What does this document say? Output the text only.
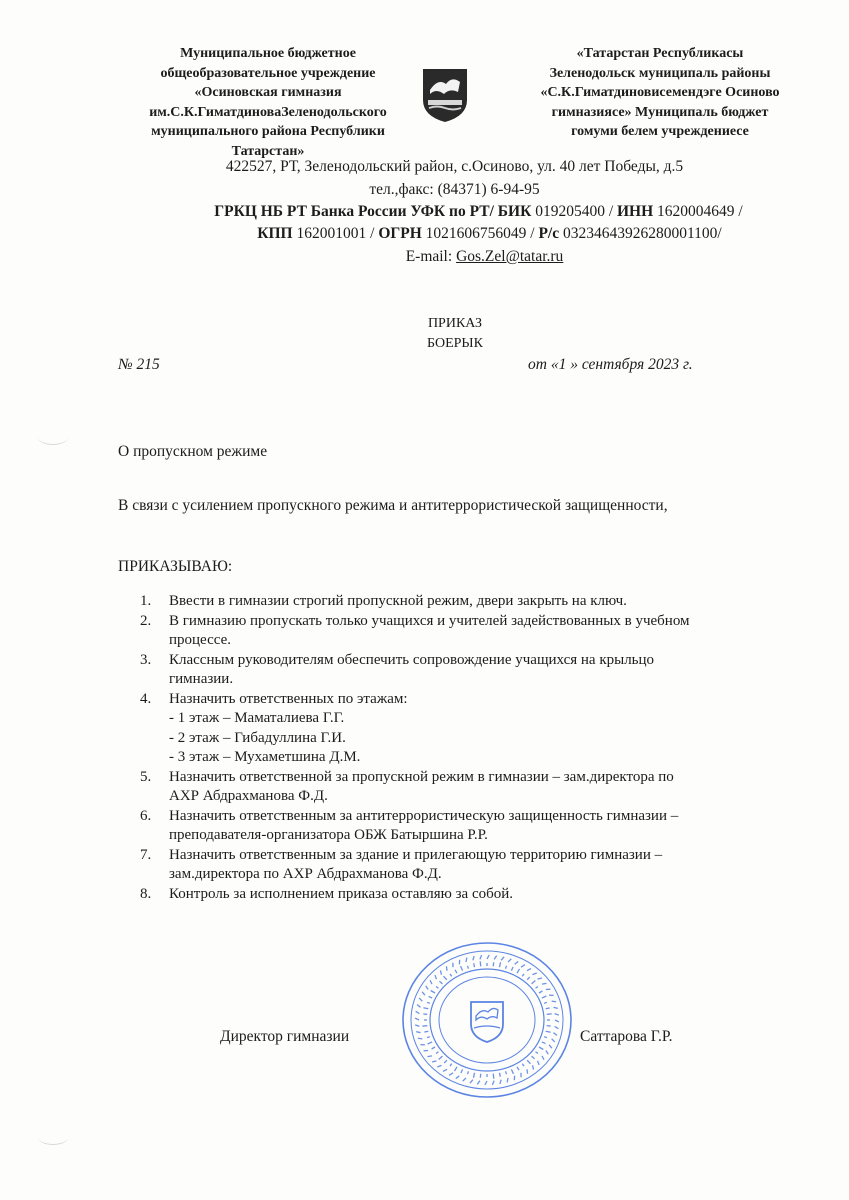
Муниципальное бюджетное
общеобразовательное учреждение
«Осиновская гимназия
им.С.К.ГиматдиноваЗеленодольского
муниципального района Республики
Татарстан»
«Татарстан Республикасы
Зеленодольск муниципаль районы
«С.К.Гиматдиновисемендэге Осиново
гимназиясе» Муниципаль бюджет
гомуми белем учреждениесе
422527, РТ, Зеленодольский район, с.Осиново, ул. 40 лет Победы, д.5
тел.,факс: (84371) 6-94-95
ГРКЦ НБ РТ Банка России УФК по РТ/ БИК 019205400 / ИНН 1620004649 /
КПП 162001001 / ОГРН 1021606756049 / Р/с 03234643926280001100/
E-mail: Gos.Zel@tatar.ru
ПРИКАЗ
БОЕРЫК
№ 215	от «1 » сентября 2023 г.
О пропускном режиме
В связи с усилением пропускного режима и антитеррористической защищенности,
ПРИКАЗЫВАЮ:
1. Ввести в гимназии строгий пропускной режим, двери закрыть на ключ.
2. В гимназию пропускать только учащихся и учителей задействованных в учебном
процессе.
3. Классным руководителям обеспечить сопровождение учащихся на крыльцо
гимназии.
4. Назначить ответственных по этажам:
- 1 этаж – Маматалиева Г.Г.
- 2 этаж – Гибадуллина Г.И.
- 3 этаж – Мухаметшина Д.М.
5. Назначить ответственной за пропускной режим в гимназии – зам.директора по
АХР Абдрахманова Ф.Д.
6. Назначить ответственным за антитеррористическую защищенность гимназии –
преподавателя-организатора ОБЖ Батыршина Р.Р.
7. Назначить ответственным за здание и прилегающую территорию гимназии –
зам.директора по АХР Абдрахманова Ф.Д.
8. Контроль за исполнением приказа оставляю за собой.
Директор гимназии	Саттарова Г.Р.
